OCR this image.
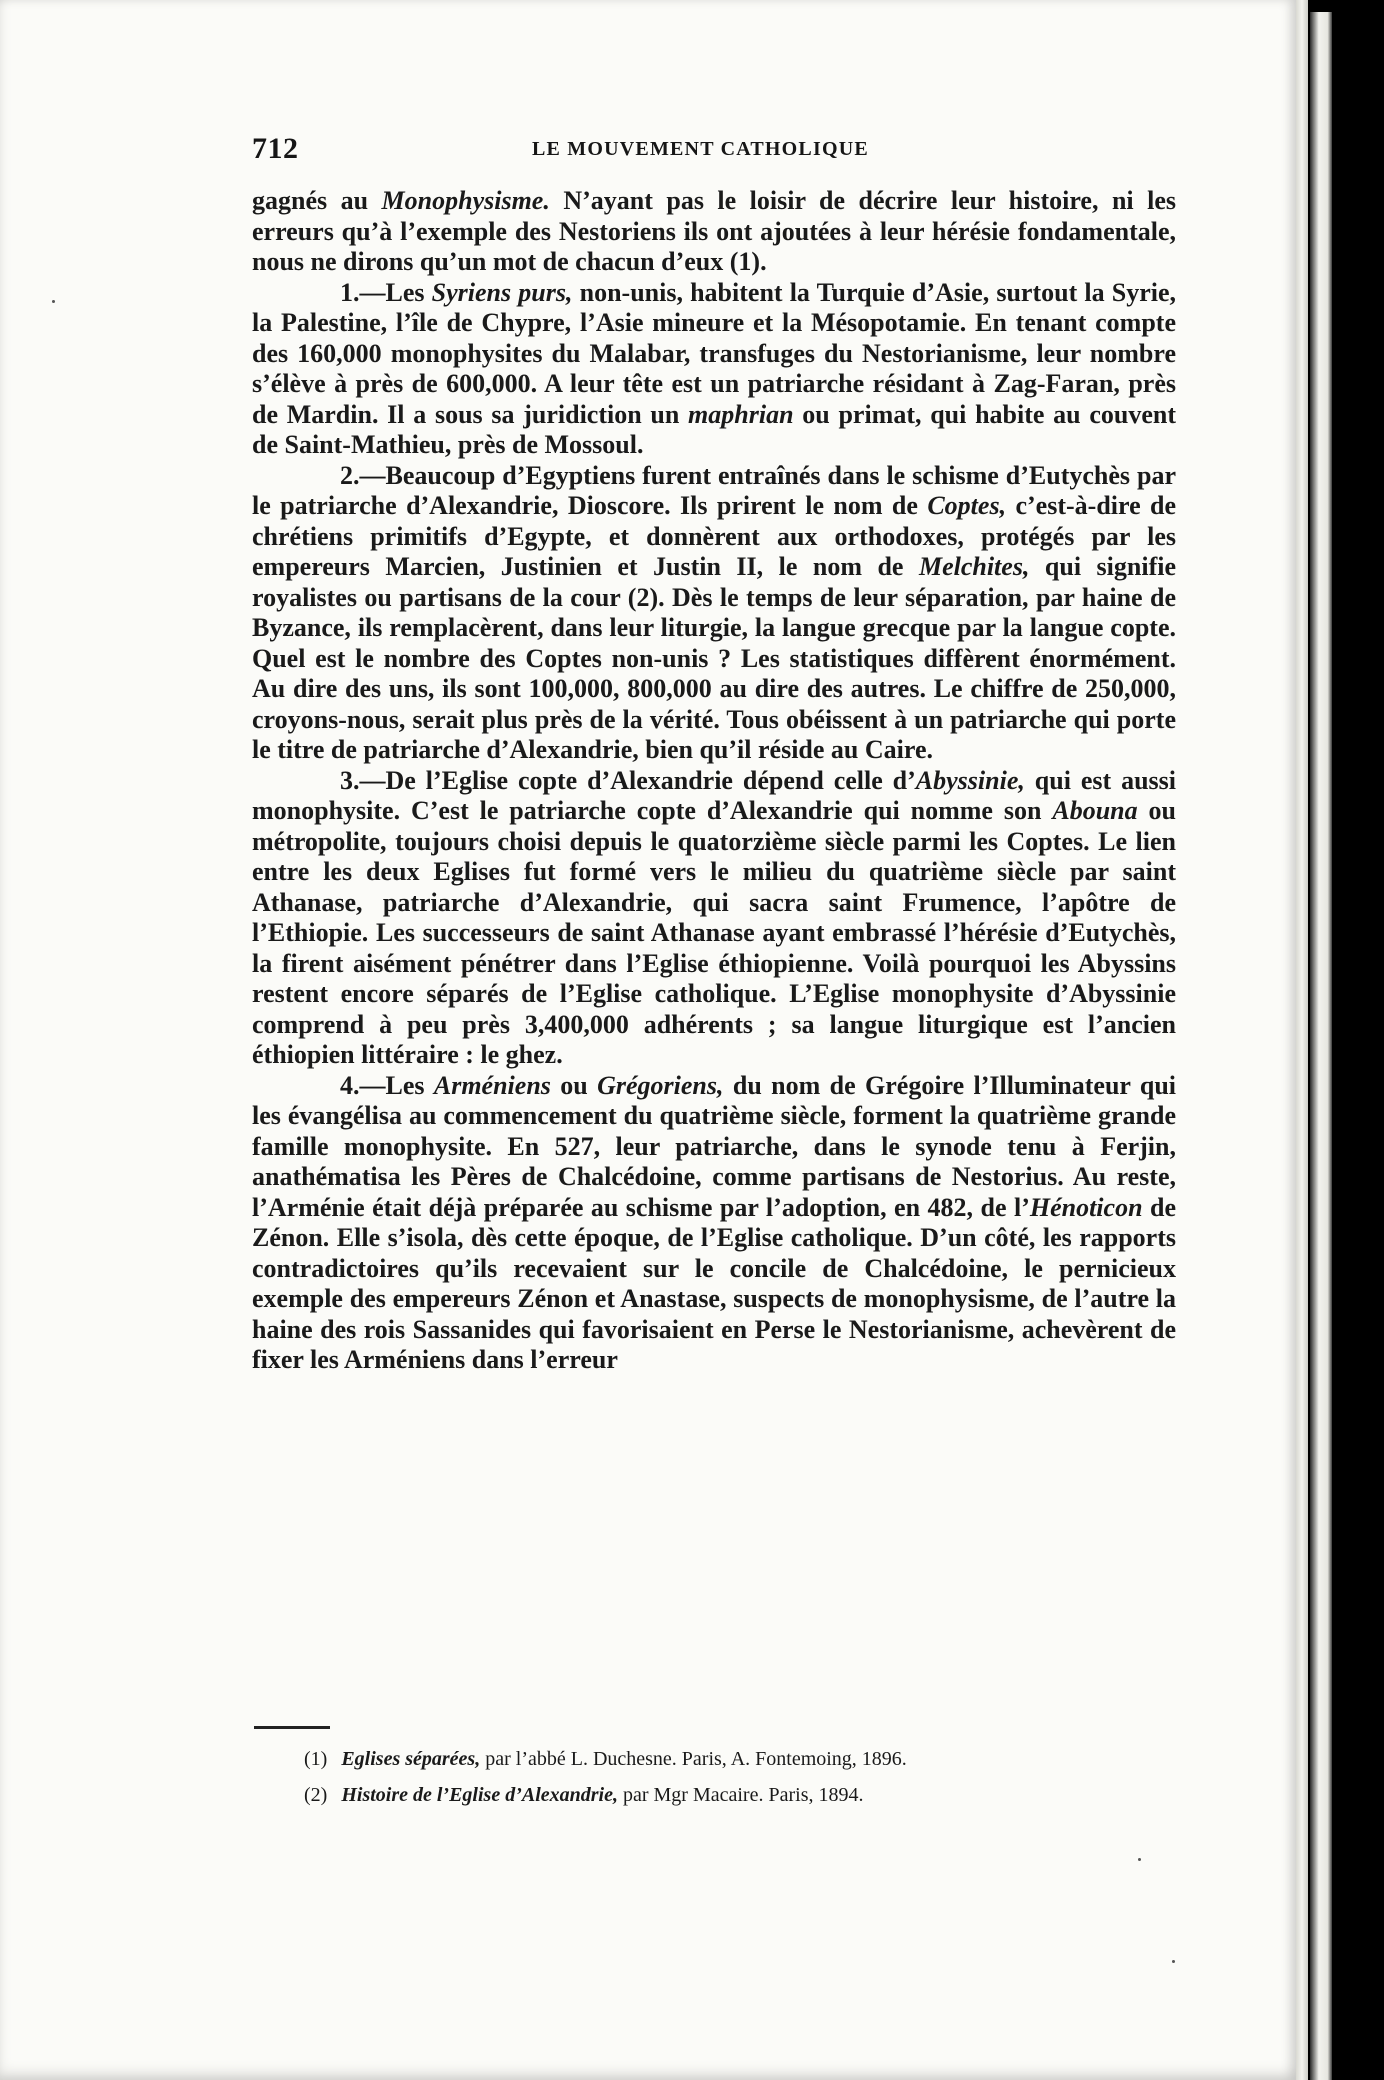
712	LE MOUVEMENT CATHOLIQUE

gagnés au Monophysisme. N’ayant pas le loisir de décrire leur histoire, ni les erreurs qu’à l’exemple des Nestoriens ils ont ajoutées à leur hérésie fondamentale, nous ne dirons qu’un mot de chacun d’eux (1).

1.—Les Syriens purs, non-unis, habitent la Turquie d’Asie, surtout la Syrie, la Palestine, l’île de Chypre, l’Asie mineure et la Mésopotamie. En tenant compte des 160,000 monophysites du Malabar, transfuges du Nestorianisme, leur nombre s’élève à près de 600,000. A leur tête est un patriarche résidant à Zag-Faran, près de Mardin. Il a sous sa juridiction un maphrian ou primat, qui habite au couvent de Saint-Mathieu, près de Mossoul.

2.—Beaucoup d’Egyptiens furent entraînés dans le schisme d’Eutychès par le patriarche d’Alexandrie, Dioscore. Ils prirent le nom de Coptes, c’est-à-dire de chrétiens primitifs d’Egypte, et donnèrent aux orthodoxes, protégés par les empereurs Marcien, Justinien et Justin II, le nom de Melchites, qui signifie royalistes ou partisans de la cour (2). Dès le temps de leur séparation, par haine de Byzance, ils remplacèrent, dans leur liturgie, la langue grecque par la langue copte. Quel est le nombre des Coptes non-unis ? Les statistiques diffèrent énormément. Au dire des uns, ils sont 100,000, 800,000 au dire des autres. Le chiffre de 250,000, croyons-nous, serait plus près de la vérité. Tous obéissent à un patriarche qui porte le titre de patriarche d’Alexandrie, bien qu’il réside au Caire.

3.—De l’Eglise copte d’Alexandrie dépend celle d’Abyssinie, qui est aussi monophysite. C’est le patriarche copte d’Alexandrie qui nomme son Abouna ou métropolite, toujours choisi depuis le quatorzième siècle parmi les Coptes. Le lien entre les deux Eglises fut formé vers le milieu du quatrième siècle par saint Athanase, patriarche d’Alexandrie, qui sacra saint Frumence, l’apôtre de l’Ethiopie. Les successeurs de saint Athanase ayant embrassé l’hérésie d’Eutychès, la firent aisément pénétrer dans l’Eglise éthiopienne. Voilà pourquoi les Abyssins restent encore séparés de l’Eglise catholique. L’Eglise monophysite d’Abyssinie comprend à peu près 3,400,000 adhérents ; sa langue liturgique est l’ancien éthiopien littéraire : le ghez.

4.—Les Arméniens ou Grégoriens, du nom de Grégoire l’Illuminateur qui les évangélisa au commencement du quatrième siècle, forment la quatrième grande famille monophysite. En 527, leur patriarche, dans le synode tenu à Ferjin, anathématisa les Pères de Chalcédoine, comme partisans de Nestorius. Au reste, l’Arménie était déjà préparée au schisme par l’adoption, en 482, de l’Hénoticon de Zénon. Elle s’isola, dès cette époque, de l’Eglise catholique. D’un côté, les rapports contradictoires qu’ils recevaient sur le concile de Chalcédoine, le pernicieux exemple des empereurs Zénon et Anastase, suspects de monophysisme, de l’autre la haine des rois Sassanides qui favorisaient en Perse le Nestorianisme, achevèrent de fixer les Arméniens dans l’erreur

(1) Eglises séparées, par l’abbé L. Duchesne. Paris, A. Fontemoing, 1896.

(2) Histoire de l’Eglise d’Alexandrie, par Mgr Macaire. Paris, 1894.
